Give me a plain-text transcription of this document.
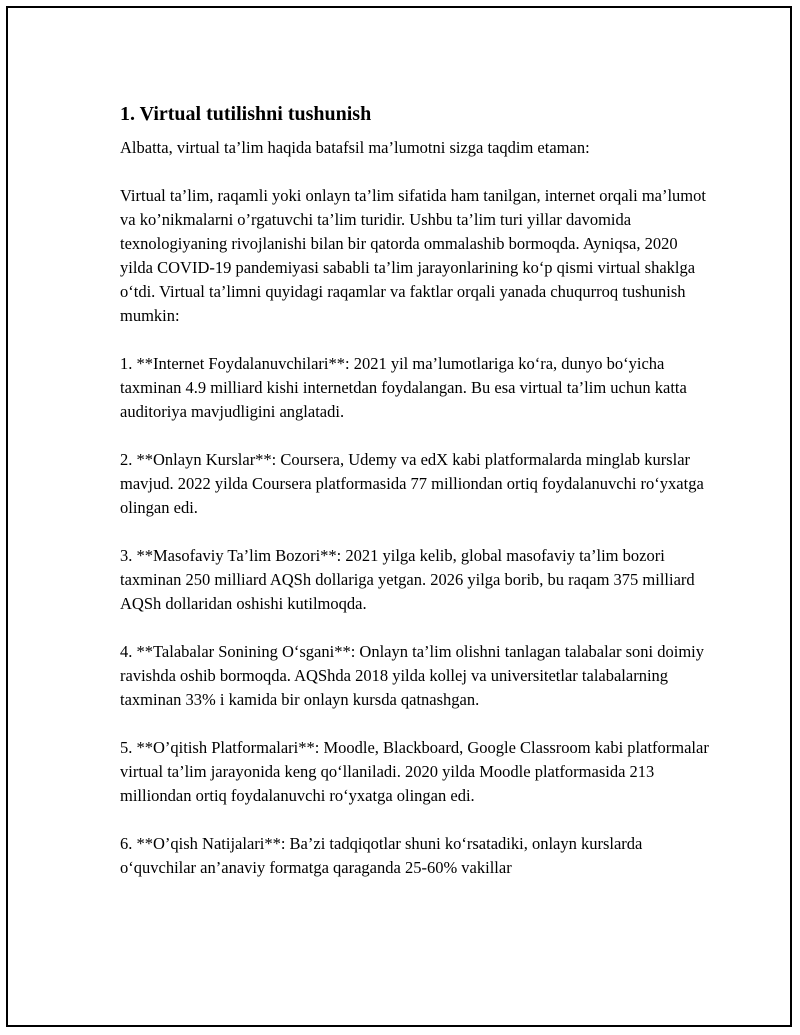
1. Virtual tutilishni tushunish

Albatta, virtual ta’lim haqida batafsil ma’lumotni sizga taqdim etaman:

Virtual ta’lim, raqamli yoki onlayn ta’lim sifatida ham tanilgan, internet orqali ma’lumot va ko’nikmalarni o’rgatuvchi ta’lim turidir. Ushbu ta’lim turi yillar davomida texnologiyaning rivojlanishi bilan bir qatorda ommalashib bormoqda. Ayniqsa, 2020 yilda COVID-19 pandemiyasi sababli ta’lim jarayonlarining ko‘p qismi virtual shaklga o‘tdi. Virtual ta’limni quyidagi raqamlar va faktlar orqali yanada chuqurroq tushunish mumkin:

1. **Internet Foydalanuvchilari**: 2021 yil ma’lumotlariga ko‘ra, dunyo bo‘yicha taxminan 4.9 milliard kishi internetdan foydalangan. Bu esa virtual ta’lim uchun katta auditoriya mavjudligini anglatadi.

2. **Onlayn Kurslar**: Coursera, Udemy va edX kabi platformalarda minglab kurslar mavjud. 2022 yilda Coursera platformasida 77 milliondan ortiq foydalanuvchi ro‘yxatga olingan edi.

3. **Masofaviy Ta’lim Bozori**: 2021 yilga kelib, global masofaviy ta’lim bozori taxminan 250 milliard AQSh dollariga yetgan. 2026 yilga borib, bu raqam 375 milliard AQSh dollaridan oshishi kutilmoqda.

4. **Talabalar Sonining O‘sgani**: Onlayn ta’lim olishni tanlagan talabalar soni doimiy ravishda oshib bormoqda. AQShda 2018 yilda kollej va universitetlar talabalarning taxminan 33% i kamida bir onlayn kursda qatnashgan.

5. **O’qitish Platformalari**: Moodle, Blackboard, Google Classroom kabi platformalar virtual ta’lim jarayonida keng qo‘llaniladi. 2020 yilda Moodle platformasida 213 milliondan ortiq foydalanuvchi ro‘yxatga olingan edi.

6. **O’qish Natijalari**: Ba’zi tadqiqotlar shuni ko‘rsatadiki, onlayn kurslarda o‘quvchilar an’anaviy formatga qaraganda 25-60% vakillar
